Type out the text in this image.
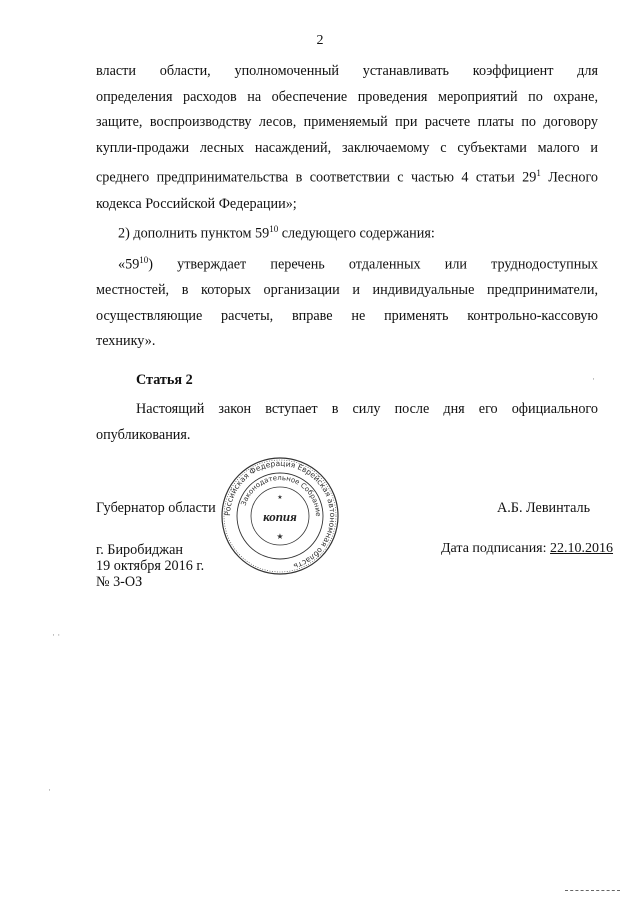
2

власти области, уполномоченный устанавливать коэффициент для

определения расходов на обеспечение проведения мероприятий по охране,

защите, воспроизводству лесов, применяемый при расчете платы по договору

купли-продажи лесных насаждений, заключаемому с субъектами малого и

среднего предпринимательства в соответствии с частью 4 статьи $29^1$ Лесного

кодекса Российской Федерации»;

2) дополнить пунктом $59^{10}$ следующего содержания:

«$59^{10}$) утверждает перечень отдаленных или труднодоступных

местностей, в которых организации и индивидуальные предприниматели,

осуществляющие расчеты, вправе не применять контрольно-кассовую

технику».

Статья 2

Настоящий закон вступает в силу после дня его официального

опубликования.

Губернатор области	А.Б. Левинталь
г. Биробиджан
19 октября 2016 г.
№ 3-ОЗ
Дата подписания: 22.10.2016
Российская Федерация Еврейская автономная область
Законодательное Собрание
копия
★
★
·
· ·
·
